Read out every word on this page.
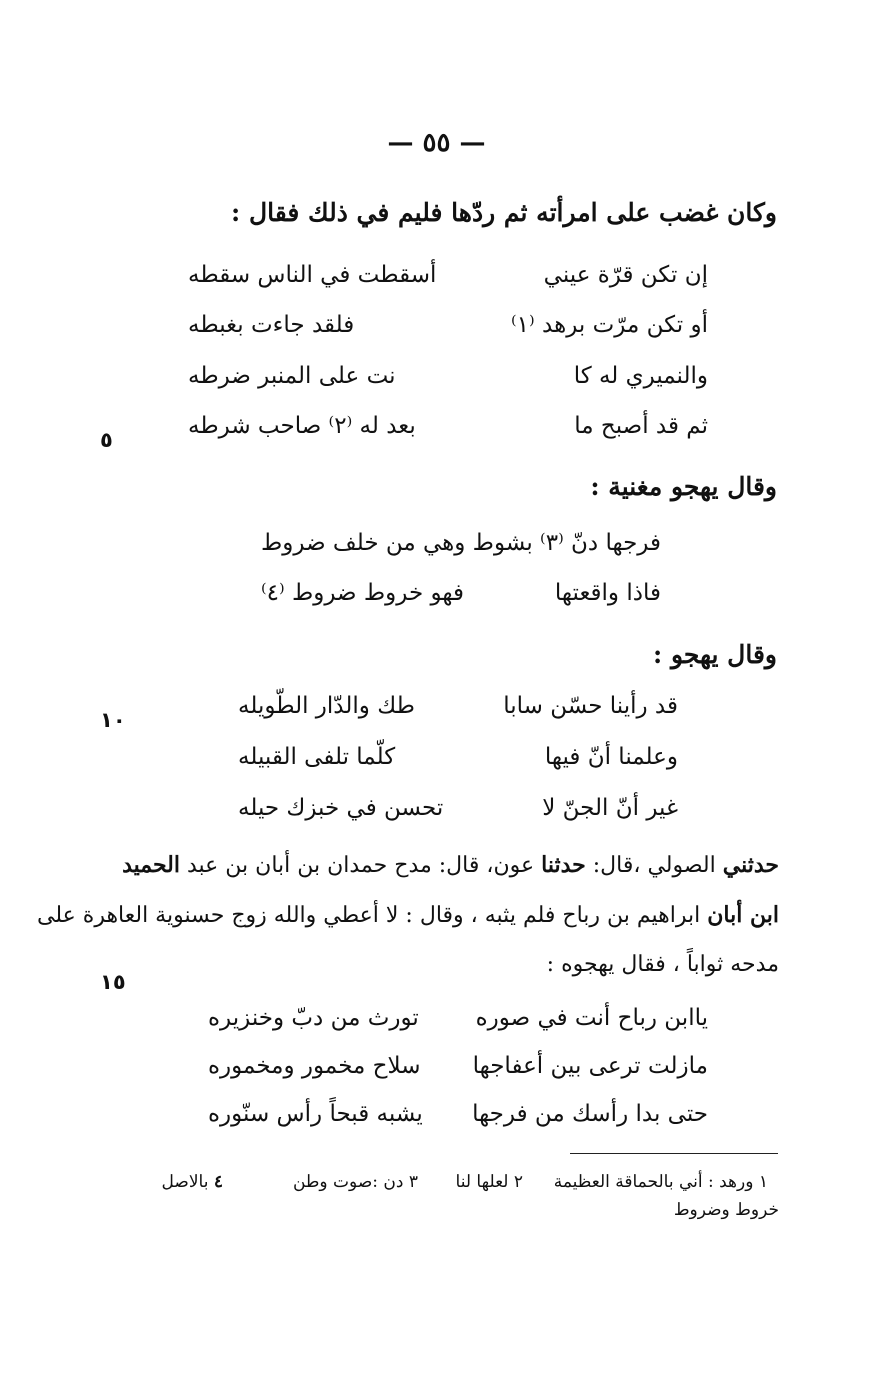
— ٥٥ —
وكان غضب على امرأته ثم ردّها فليم في ذلك فقال :
إن تكن قرّة عيني
أسقطت في الناس سقطه
أو تكن مرّت برهد ⁽١⁾
فلقد جاءت بغبطه
والنميري له كا
نت على المنبر ضرطه
ثم قد أصبح ما
بعد له ⁽٢⁾ صاحب شرطه
٥
وقال يهجو مغنية :
فرجها دنّ ⁽٣⁾ بشوط
وهي من خلف ضروط
فاذا واقعتها
فهو خروط ضروط ⁽٤⁾
وقال يهجو :
قد رأينا حسّن سابا
طك والدّار الطّويله
١٠
وعلمنا أنّ فيها
كلّما تلفى القبيله
غير أنّ الجنّ لا
تحسن في خبزك حيله
حدثني الصولي ،قال: حدثنا عون، قال: مدح حمدان بن أبان بن عبد الحميد
ابن أبان ابراهيم بن رباح فلم يثبه ، وقال : لا أعطي والله زوج حسنوية العاهرة على
مدحه ثواباً ، فقال يهجوه :
١٥
ياابن رباح أنت في صوره
تورث من دبّ وخنزيره
مازلت ترعى بين أعفاجها
سلاح مخمور ومخموره
حتى بدا رأسك من فرجها
يشبه قبحاً رأس سنّوره
١ ورهد : أني بالحماقة العظيمة
٢ لعلها لنا
٣ دن :صوت وطن
٤ بالاصل
خروط وضروط
